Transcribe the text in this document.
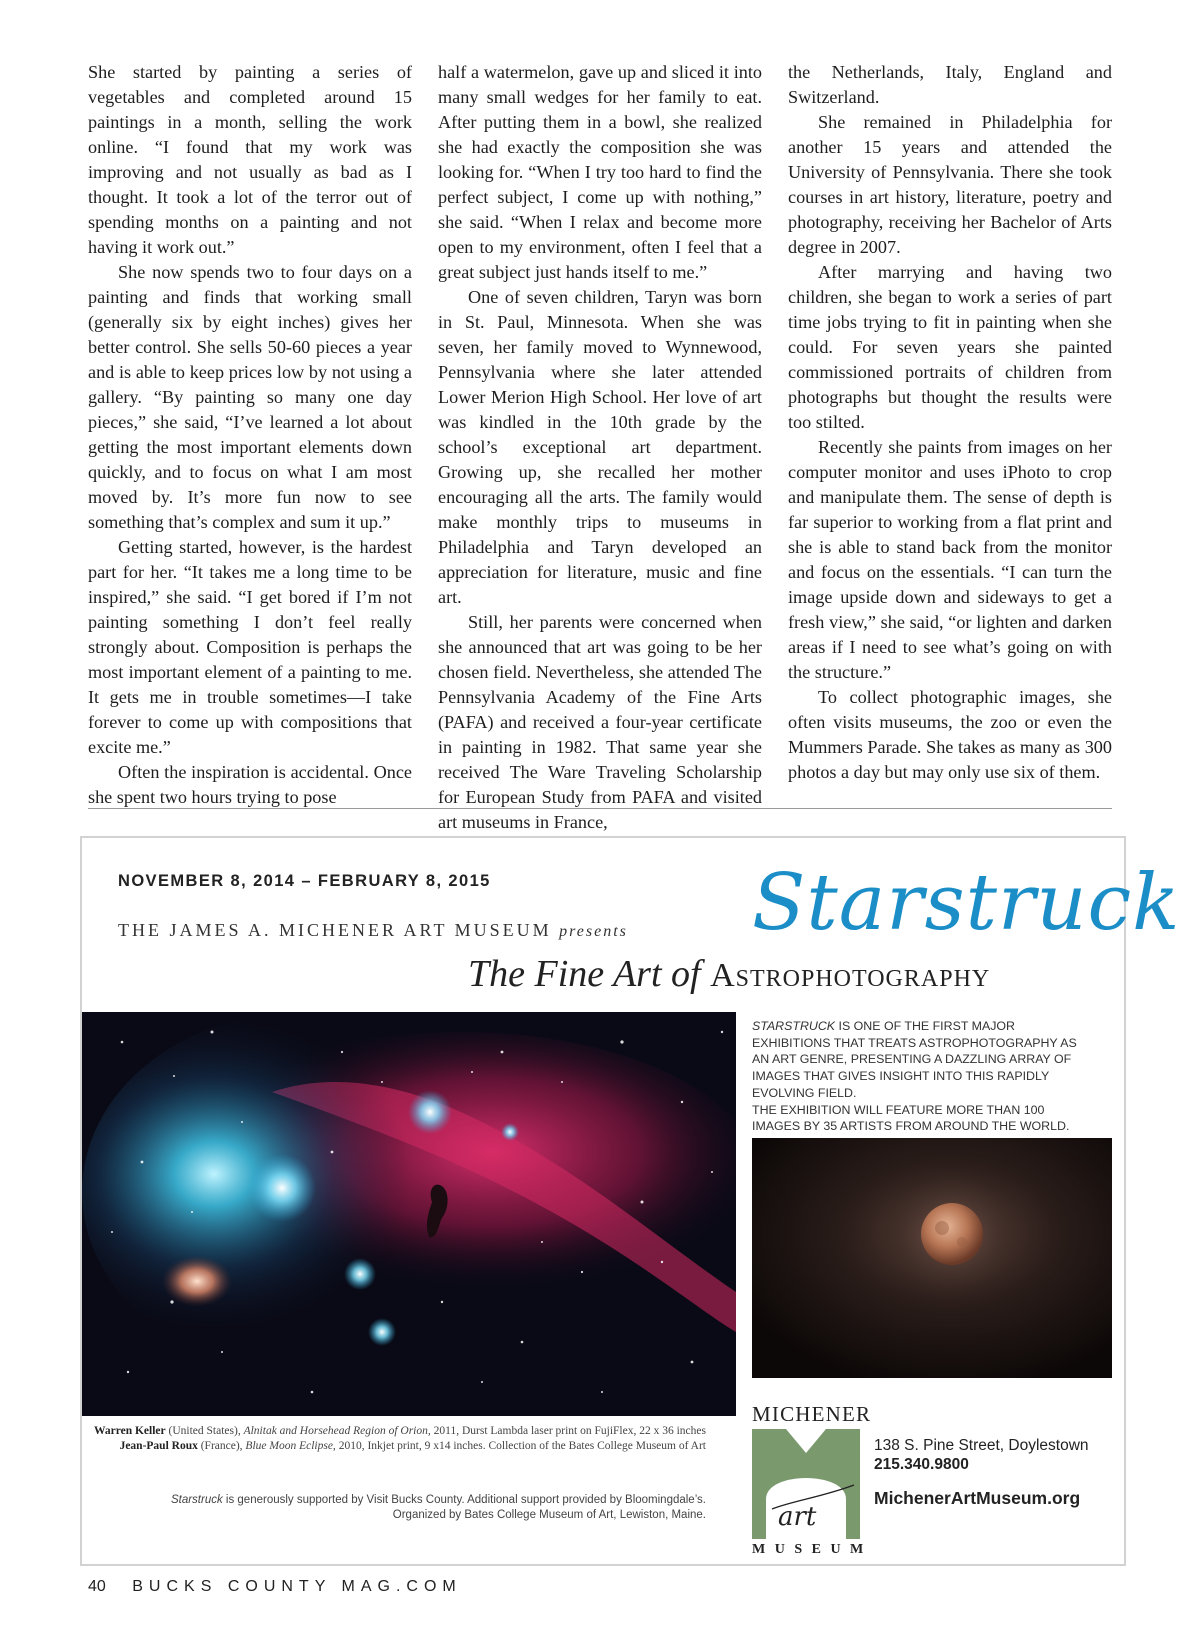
She started by painting a series of vegetables and completed around 15 paintings in a month, selling the work online. “I found that my work was improving and not usually as bad as I thought. It took a lot of the terror out of spending months on a painting and not having it work out.”

She now spends two to four days on a painting and finds that working small (generally six by eight inches) gives her better control. She sells 50-60 pieces a year and is able to keep prices low by not using a gallery. “By painting so many one day pieces,” she said, “I’ve learned a lot about getting the most important elements down quickly, and to focus on what I am most moved by. It’s more fun now to see something that’s complex and sum it up.”

Getting started, however, is the hardest part for her. “It takes me a long time to be inspired,” she said. “I get bored if I’m not painting something I don’t feel really strongly about. Composition is perhaps the most important element of a painting to me. It gets me in trouble sometimes—I take forever to come up with compositions that excite me.”

Often the inspiration is accidental. Once she spent two hours trying to pose

half a watermelon, gave up and sliced it into many small wedges for her family to eat. After putting them in a bowl, she realized she had exactly the composition she was looking for. “When I try too hard to find the perfect subject, I come up with nothing,” she said. “When I relax and become more open to my environment, often I feel that a great subject just hands itself to me.”

One of seven children, Taryn was born in St. Paul, Minnesota. When she was seven, her family moved to Wynnewood, Pennsylvania where she later attended Lower Merion High School. Her love of art was kindled in the 10th grade by the school’s exceptional art department. Growing up, she recalled her mother encouraging all the arts. The family would make monthly trips to museums in Philadelphia and Taryn developed an appreciation for literature, music and fine art.

Still, her parents were concerned when she announced that art was going to be her chosen field. Nevertheless, she attended The Pennsylvania Academy of the Fine Arts (PAFA) and received a four-year certificate in painting in 1982. That same year she received The Ware Traveling Scholarship for European Study from PAFA and visited art museums in France,

the Netherlands, Italy, England and Switzerland.

She remained in Philadelphia for another 15 years and attended the University of Pennsylvania. There she took courses in art history, literature, poetry and photography, receiving her Bachelor of Arts degree in 2007.

After marrying and having two children, she began to work a series of part time jobs trying to fit in painting when she could. For seven years she painted commissioned portraits of children from photographs but thought the results were too stilted.

Recently she paints from images on her computer monitor and uses iPhoto to crop and manipulate them. The sense of depth is far superior to working from a flat print and she is able to stand back from the monitor and focus on the essentials. “I can turn the image upside down and sideways to get a fresh view,” she said, “or lighten and darken areas if I need to see what’s going on with the structure.”

To collect photographic images, she often visits museums, the zoo or even the Mummers Parade. She takes as many as 300 photos a day but may only use six of them.

NOVEMBER 8, 2014 – FEBRUARY 8, 2015
THE JAMES A. MICHENER ART MUSEUM presents Starstruck
The Fine Art of Astrophotography

STARSTRUCK IS ONE OF THE FIRST MAJOR EXHIBITIONS THAT TREATS ASTROPHOTOGRAPHY AS AN ART GENRE, PRESENTING A DAZZLING ARRAY OF IMAGES THAT GIVES INSIGHT INTO THIS RAPIDLY EVOLVING FIELD.

THE EXHIBITION WILL FEATURE MORE THAN 100 IMAGES BY 35 ARTISTS FROM AROUND THE WORLD.

Warren Keller (United States), Alnitak and Horsehead Region of Orion, 2011, Durst Lambda laser print on FujiFlex, 22 x 36 inches
Jean-Paul Roux (France), Blue Moon Eclipse, 2010, Inkjet print, 9 x14 inches. Collection of the Bates College Museum of Art
Starstruck is generously supported by Visit Bucks County. Additional support provided by Bloomingdale’s.
Organized by Bates College Museum of Art, Lewiston, Maine.
MICHENER
art
MUSEUM
138 S. Pine Street, Doylestown
215.340.9800
MichenerArtMuseum.org
40 BUCKS COUNTY MAG.COM
